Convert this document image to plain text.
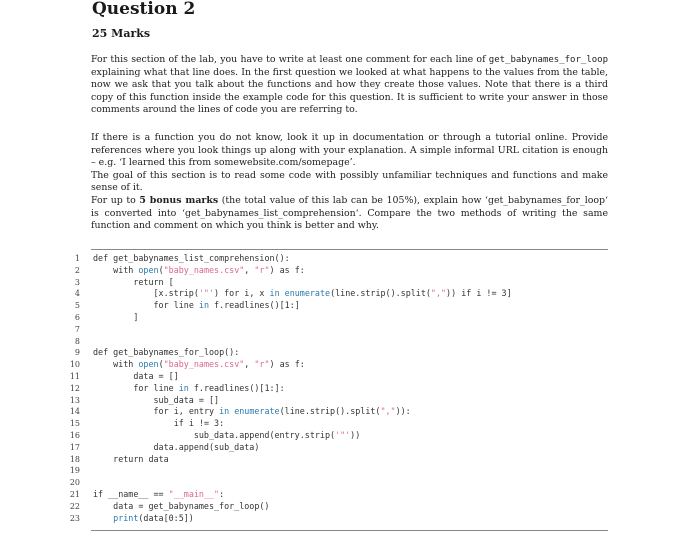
Question 2
25 Marks
For this section of the lab, you have to write at least one comment for each line of get_babynames_for_loop explaining what that line does. In the first question we looked at what happens to the values from the table, now we ask that you talk about the functions and how they create those values. Note that there is a third copy of this function inside the example code for this question. It is sufficient to write your answer in those comments around the lines of code you are referring to.
If there is a function you do not know, look it up in documentation or through a tutorial online. Provide references where you look things up along with your explanation. A simple informal URL citation is enough – e.g. ‘I learned this from somewebsite.com/somepage’.
The goal of this section is to read some code with possibly unfamiliar techniques and functions and make sense of it.
For up to 5 bonus marks (the total value of this lab can be 105%), explain how ‘get_babynames_for_loop‘ is converted into ‘get_babynames_list_comprehension‘. Compare the two methods of writing the same function and comment on which you think is better and why.
1 def get_babynames_list_comprehension():
2	with open("baby_names.csv", "r") as f:
3	return [
4 [x.strip('"') for i, x in enumerate(line.strip().split(",")) if i != 3]
5	for line in f.readlines()[1:]
6 ]
7
8
9 def get_babynames_for_loop():
10	with open("baby_names.csv", "r") as f:
11 data = []
12	for line in f.readlines()[1:]:
13 sub_data = []
14	for i, entry in enumerate(line.strip().split(",")):
15	if i != 3:
16 sub_data.append(entry.strip('"'))
17 data.append(sub_data)
18	return data
19
20
21 if __name__ == "__main__":
22 data = get_babynames_for_loop()
23	print(data[0:5])
